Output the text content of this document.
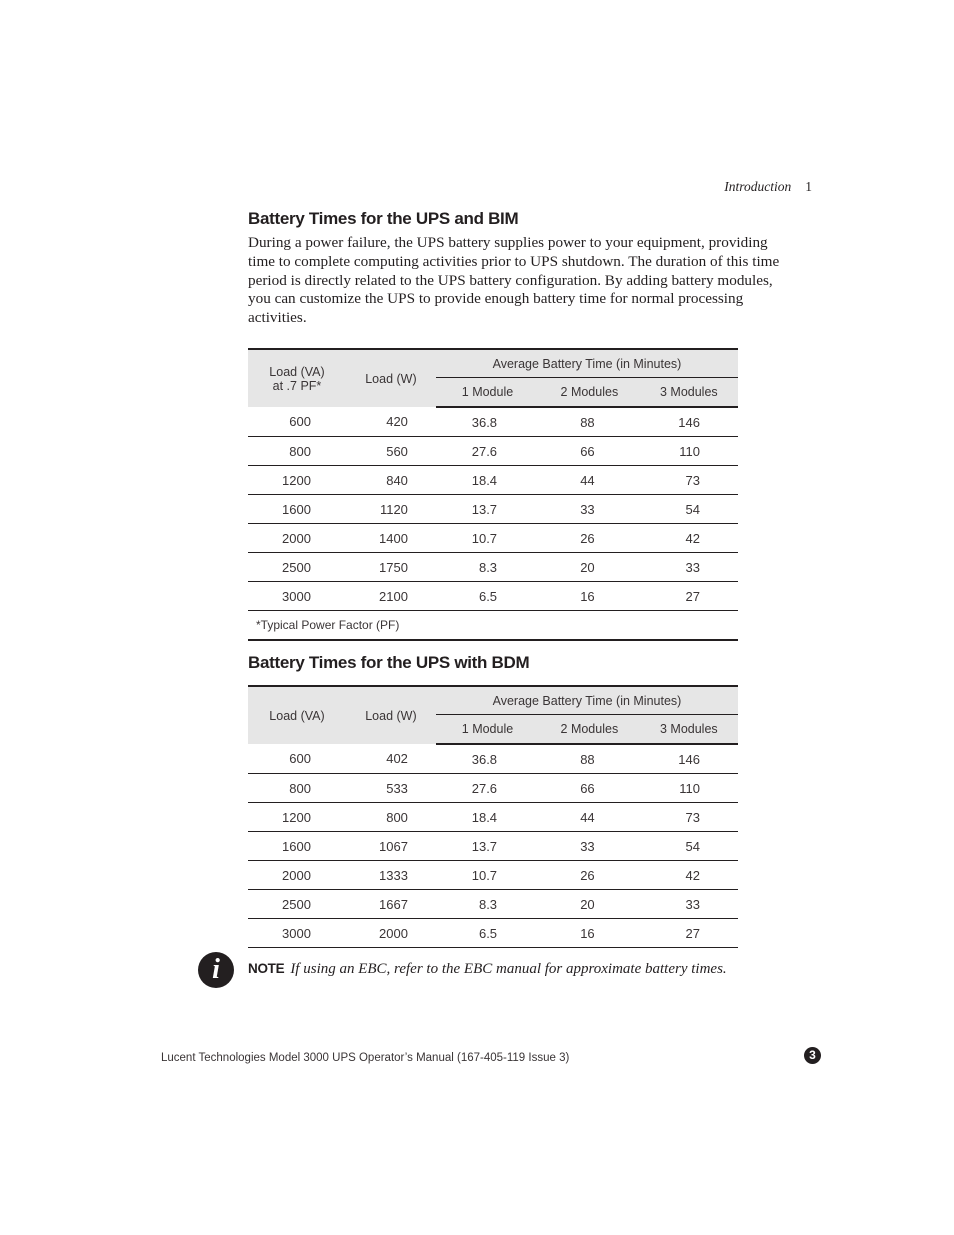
Introduction 1
Battery Times for the UPS and BIM

During a power failure, the UPS battery supplies power to your equipment, providing time to complete computing activities prior to UPS shutdown. The duration of this time period is directly related to the UPS battery configuration. By adding battery modules, you can customize the UPS to provide enough battery time for normal processing activities.

Load (VA)
at .7 PF*	Load (W)	Average Battery Time (in Minutes)		
		1 Module	2 Modules	3 Modules
600	420	36.8	88	146
800	560	27.6	66	110
1200	840	18.4	44	73
1600	1120	13.7	33	54
2000	1400	10.7	26	42
2500	1750	8.3	20	33
3000	2100	6.5	16	27
*Typical Power Factor (PF)				
Battery Times for the UPS with BDM
Load (VA)	Load (W)	Average Battery Time (in Minutes)		
		1 Module	2 Modules	3 Modules
600	402	36.8	88	146
800	533	27.6	66	110
1200	800	18.4	44	73
1600	1067	13.7	33	54
2000	1333	10.7	26	42
2500	1667	8.3	20	33
3000	2000	6.5	16	27
i	NOTE If using an EBC, refer to the EBC manual for approximate battery times.
Lucent Technologies Model 3000 UPS Operator’s Manual (167-405-119 Issue 3)	3
